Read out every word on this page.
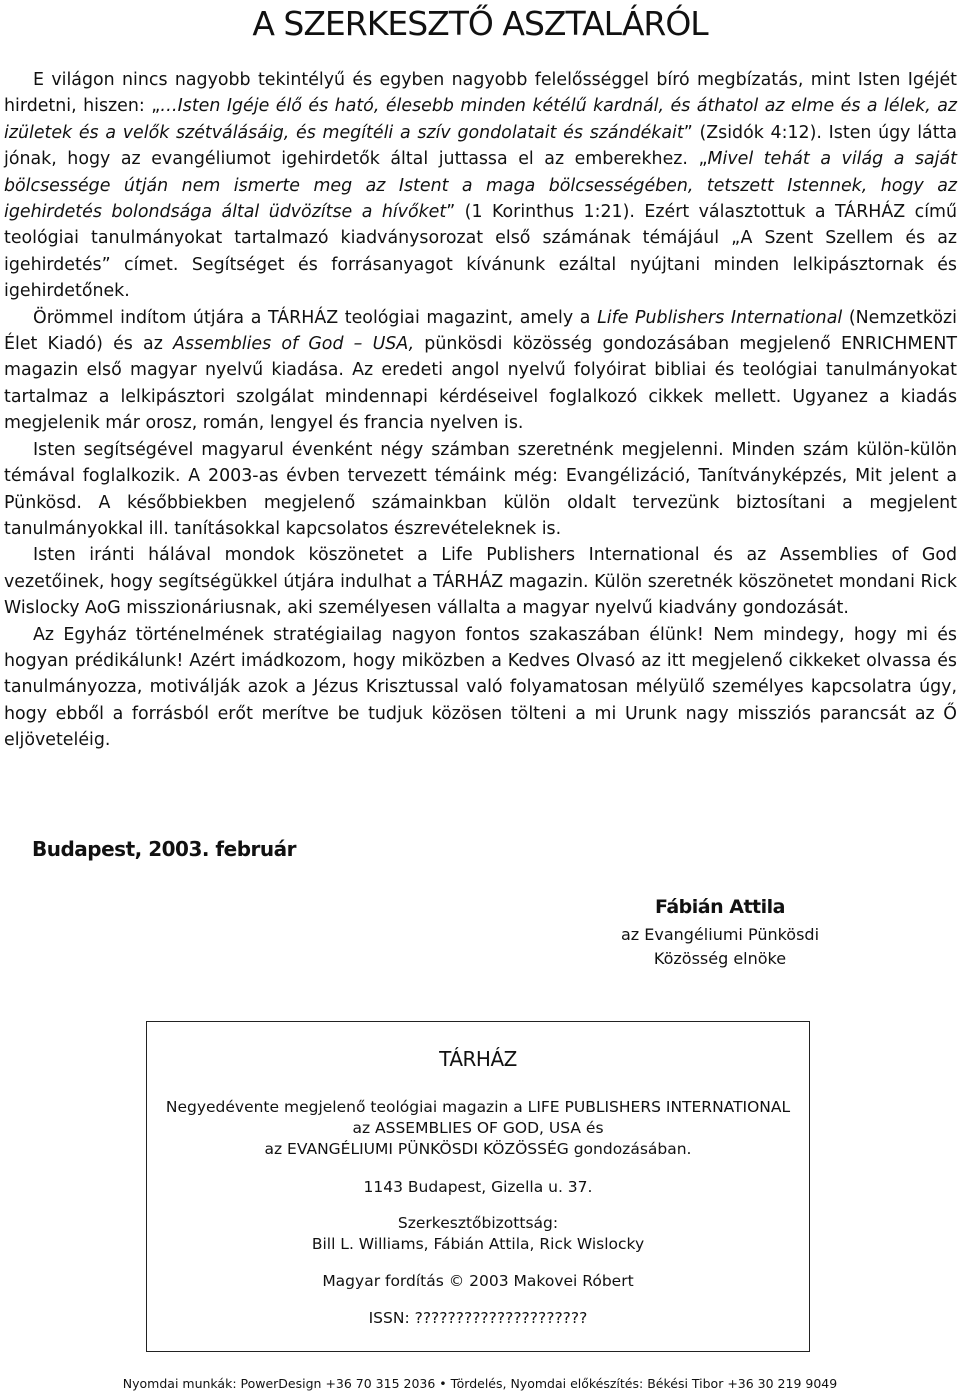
A SZERKESZTŐ ASZTALÁRÓL

E világon nincs nagyobb tekintélyű és egyben nagyobb felelősséggel bíró megbízatás, mint Isten Igéjét hirdetni, hiszen: „…Isten Igéje élő és ható, élesebb minden kétélű kardnál, és áthatol az elme és a lélek, az izületek és a velők szétválásáig, és megítéli a szív gondolatait és szándékait” (Zsidók 4:12). Isten úgy látta jónak, hogy az evangéliumot igehirdetők által juttassa el az emberekhez. „Mivel tehát a világ a saját bölcsessége útján nem ismerte meg az Istent a maga bölcsességében, tetszett Istennek, hogy az igehirdetés bolondsága által üdvözítse a hívőket” (1 Korinthus 1:21). Ezért választottuk a TÁRHÁZ című teológiai tanulmányokat tartalmazó kiadványsorozat első számának témájául „A Szent Szellem és az igehirdetés” címet. Segítséget és forrásanyagot kívánunk ezáltal nyújtani minden lelkipásztornak és igehirdetőnek.

Örömmel indítom útjára a TÁRHÁZ teológiai magazint, amely a Life Publishers International (Nemzetközi Élet Kiadó) és az Assemblies of God – USA, pünkösdi közösség gondozásában megjelenő ENRICHMENT magazin első magyar nyelvű kiadása. Az eredeti angol nyelvű folyóirat bibliai és teológiai tanulmányokat tartalmaz a lelkipásztori szolgálat mindennapi kérdéseivel foglalkozó cikkek mellett. Ugyanez a kiadás megjelenik már orosz, román, lengyel és francia nyelven is.

Isten segítségével magyarul évenként négy számban szeretnénk megjelenni. Minden szám külön-külön témával foglalkozik. A 2003-as évben tervezett témáink még: Evangélizáció, Tanítványképzés, Mit jelent a Pünkösd. A későbbiekben megjelenő számainkban külön oldalt tervezünk biztosítani a megjelent tanulmányokkal ill. tanításokkal kapcsolatos észrevételeknek is.

Isten iránti hálával mondok köszönetet a Life Publishers International és az Assemblies of God vezetőinek, hogy segítségükkel útjára indulhat a TÁRHÁZ magazin. Külön szeretnék köszönetet mondani Rick Wislocky AoG misszionáriusnak, aki személyesen vállalta a magyar nyelvű kiadvány gondozását.

Az Egyház történelmének stratégiailag nagyon fontos szakaszában élünk! Nem mindegy, hogy mi és hogyan prédikálunk! Azért imádkozom, hogy miközben a Kedves Olvasó az itt megjelenő cikkeket olvassa és tanulmányozza, motiválják azok a Jézus Krisztussal való folyamatosan mélyülő személyes kapcsolatra úgy, hogy ebből a forrásból erőt merítve be tudjuk közösen tölteni a mi Urunk nagy missziós parancsát az Ő eljöveteléig.

Budapest, 2003. február
Fábián Attila
az Evangéliumi Pünkösdi
Közösség elnöke
TÁRHÁZ
Negyedévente megjelenő teológiai magazin a LIFE PUBLISHERS INTERNATIONAL
az ASSEMBLIES OF GOD, USA és
az EVANGÉLIUMI PÜNKÖSDI KÖZÖSSÉG gondozásában.
1143 Budapest, Gizella u. 37.
Szerkesztőbizottság:
Bill L. Williams, Fábián Attila, Rick Wislocky
Magyar fordítás © 2003 Makovei Róbert
ISSN: ?????????????????????
Nyomdai munkák: PowerDesign +36 70 315 2036 • Tördelés, Nyomdai előkészítés: Békési Tibor +36 30 219 9049
